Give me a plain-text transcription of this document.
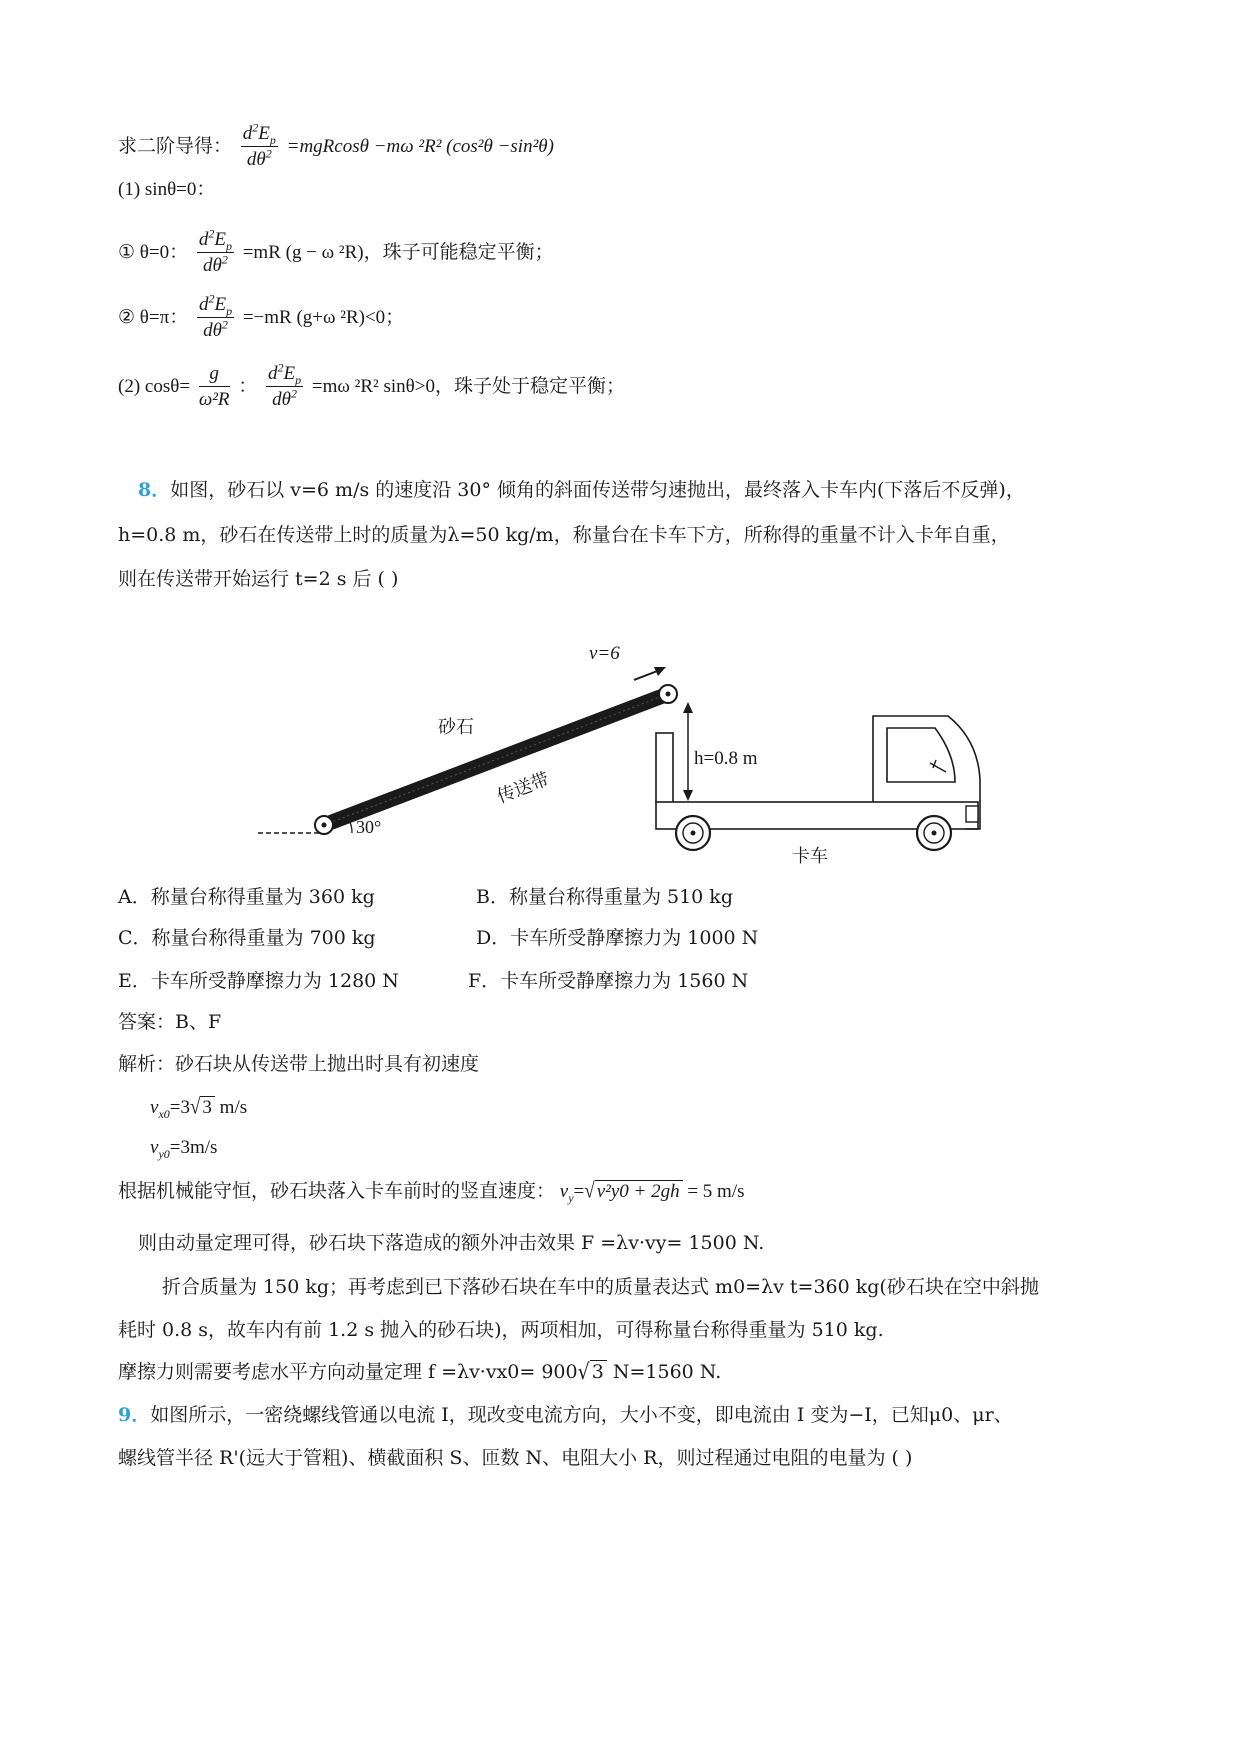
求二阶导得： $\frac{d^2E_p}{d\theta^2} =mgRcos\theta -m\omega$ ²R² (cos²θ −sin²θ)
(1) sinθ=0：
① θ=0： $\frac{d^2E_p}{d\theta^2} =mR$ (g − ω ²R)，珠子可能稳定平衡；
② θ=π： $\frac{d^2E_p}{d\theta^2} =-mR$ (g+ω ²R)<0；
(2) $\cos\theta= \frac{g}{\text{ω²R}}$ ： $\frac{d^2E_p}{d\theta^2} =m\omega$ ²R² sinθ>0，珠子处于稳定平衡；
8．如图，砂石以 v=6 m/s 的速度沿 30° 倾角的斜面传送带匀速抛出，最终落入卡车内(下落后不反弹)，
h=0.8 m，砂石在传送带上时的质量为λ=50 kg/m，称量台在卡车下方，所称得的重量不计入卡年自重，
则在传送带开始运行 t=2 s 后 ( )
v=6
砂石
传送带
30°
h=0.8 m
卡车
A．称量台称得重量为 360 kg	B．称量台称得重量为 510 kg
C．称量台称得重量为 700 kg	D．卡车所受静摩擦力为 1000 N
E．卡车所受静摩擦力为 1280 N	F．卡车所受静摩擦力为 1560 N
答案：B、F
解析：砂石块从传送带上抛出时具有初速度
$v_{x0}=3√$ 3 m/s
$v_{y0}=3m/s$
根据机械能守恒，砂石块落入卡车前时的竖直速度： $v_y=√$ v²y0 + 2gh = 5 m/s
则由动量定理可得，砂石块下落造成的额外冲击效果 F =λv·vy= 1500 N.
折合质量为 150 kg；再考虑到已下落砂石块在车中的质量表达式 m0=λv t=360 kg(砂石块在空中斜抛
耗时 0.8 s，故车内有前 1.2 s 抛入的砂石块)，两项相加，可得称量台称得重量为 510 kg.
摩擦力则需要考虑水平方向动量定理 f =λv·vx0= 900√ 3 N=1560 N.
9．如图所示，一密绕螺线管通以电流 I，现改变电流方向，大小不变，即电流由 I 变为−I，已知μ0、μr、
螺线管半径 R'(远大于管粗)、横截面积 S、匝数 N、电阻大小 R，则过程通过电阻的电量为 ( )
